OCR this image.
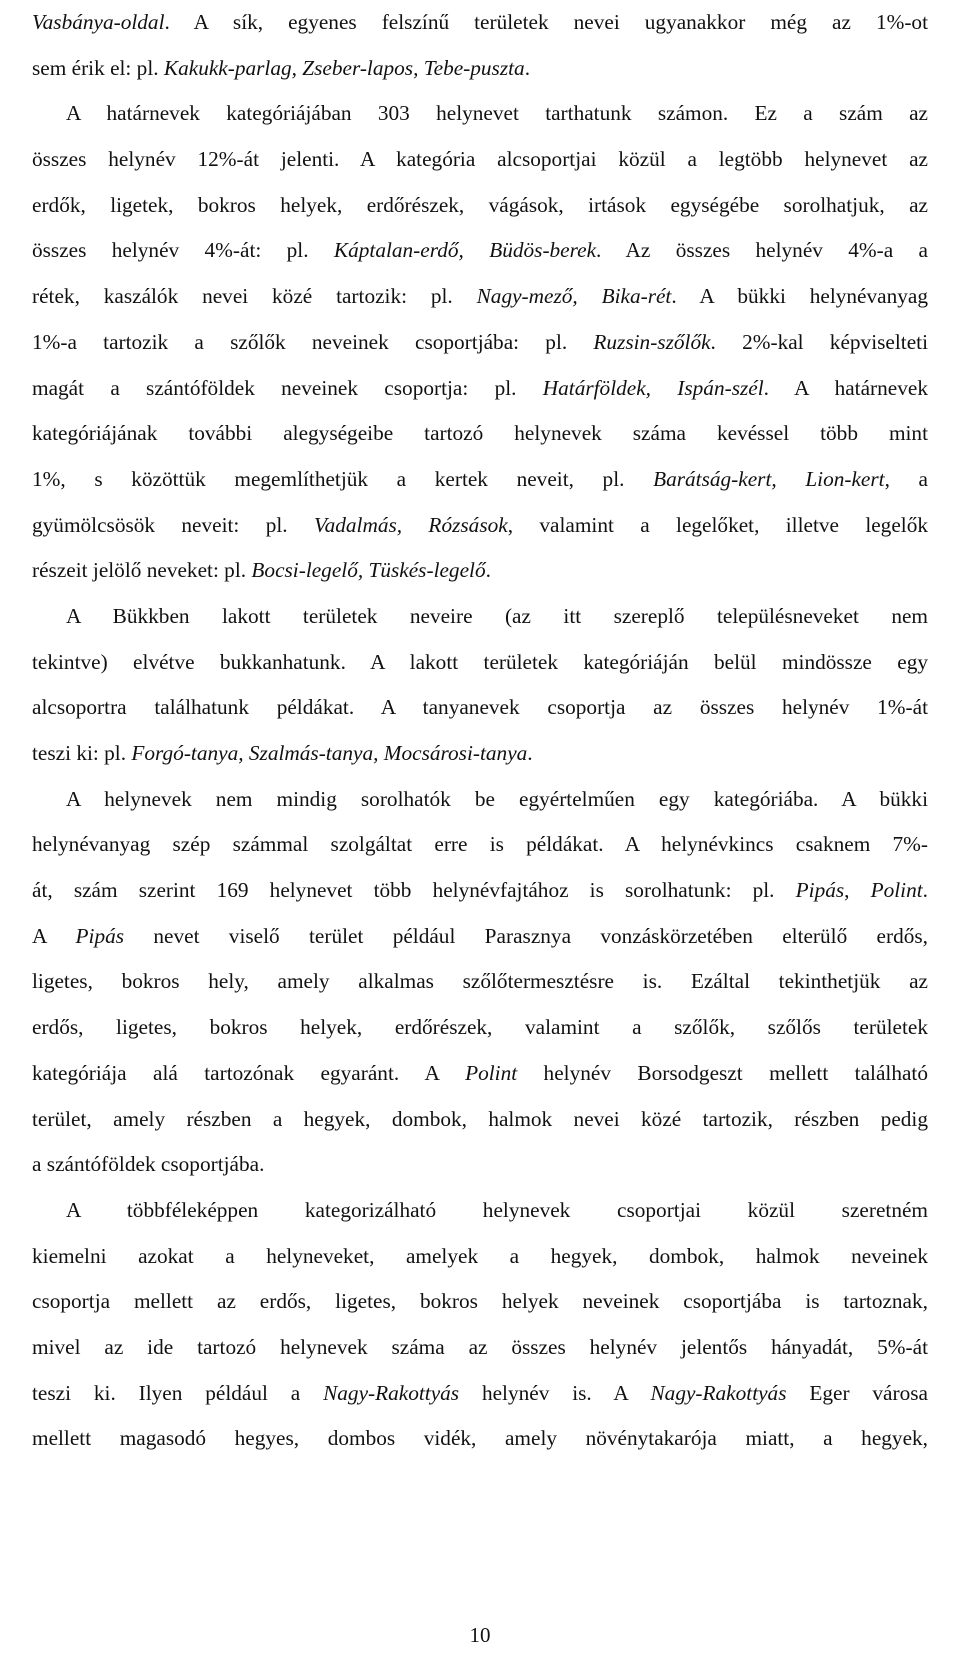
Vasbánya-oldal. A sík, egyenes felszínű területek nevei ugyanakkor még az 1%-ot
sem érik el: pl. Kakukk-parlag, Zseber-lapos, Tebe-puszta.
A határnevek kategóriájában 303 helynevet tarthatunk számon. Ez a szám az
összes helynév 12%-át jelenti. A kategória alcsoportjai közül a legtöbb helynevet az
erdők, ligetek, bokros helyek, erdőrészek, vágások, irtások egységébe sorolhatjuk, az
összes helynév 4%-át: pl. Káptalan-erdő, Büdös-berek. Az összes helynév 4%-a a
rétek, kaszálók nevei közé tartozik: pl. Nagy-mező, Bika-rét. A bükki helynévanyag
1%-a tartozik a szőlők neveinek csoportjába: pl. Ruzsin-szőlők. 2%-kal képviselteti
magát a szántóföldek neveinek csoportja: pl. Határföldek, Ispán-szél. A határnevek
kategóriájának további alegységeibe tartozó helynevek száma kevéssel több mint
1%, s közöttük megemlíthetjük a kertek neveit, pl. Barátság-kert, Lion-kert, a
gyümölcsösök neveit: pl. Vadalmás, Rózsások, valamint a legelőket, illetve legelők
részeit jelölő neveket: pl. Bocsi-legelő, Tüskés-legelő.
A Bükkben lakott területek neveire (az itt szereplő településneveket nem
tekintve) elvétve bukkanhatunk. A lakott területek kategóriáján belül mindössze egy
alcsoportra találhatunk példákat. A tanyanevek csoportja az összes helynév 1%-át
teszi ki: pl. Forgó-tanya, Szalmás-tanya, Mocsárosi-tanya.
A helynevek nem mindig sorolhatók be egyértelműen egy kategóriába. A bükki
helynévanyag szép számmal szolgáltat erre is példákat. A helynévkincs csaknem 7%-
át, szám szerint 169 helynevet több helynévfajtához is sorolhatunk: pl. Pipás, Polint.
A Pipás nevet viselő terület például Parasznya vonzáskörzetében elterülő erdős,
ligetes, bokros hely, amely alkalmas szőlőtermesztésre is. Ezáltal tekinthetjük az
erdős, ligetes, bokros helyek, erdőrészek, valamint a szőlők, szőlős területek
kategóriája alá tartozónak egyaránt. A Polint helynév Borsodgeszt mellett található
terület, amely részben a hegyek, dombok, halmok nevei közé tartozik, részben pedig
a szántóföldek csoportjába.
A többféleképpen kategorizálható helynevek csoportjai közül szeretném
kiemelni azokat a helyneveket, amelyek a hegyek, dombok, halmok neveinek
csoportja mellett az erdős, ligetes, bokros helyek neveinek csoportjába is tartoznak,
mivel az ide tartozó helynevek száma az összes helynév jelentős hányadát, 5%-át
teszi ki. Ilyen például a Nagy-Rakottyás helynév is. A Nagy-Rakottyás Eger városa
mellett magasodó hegyes, dombos vidék, amely növénytakarója miatt, a hegyek,
10
